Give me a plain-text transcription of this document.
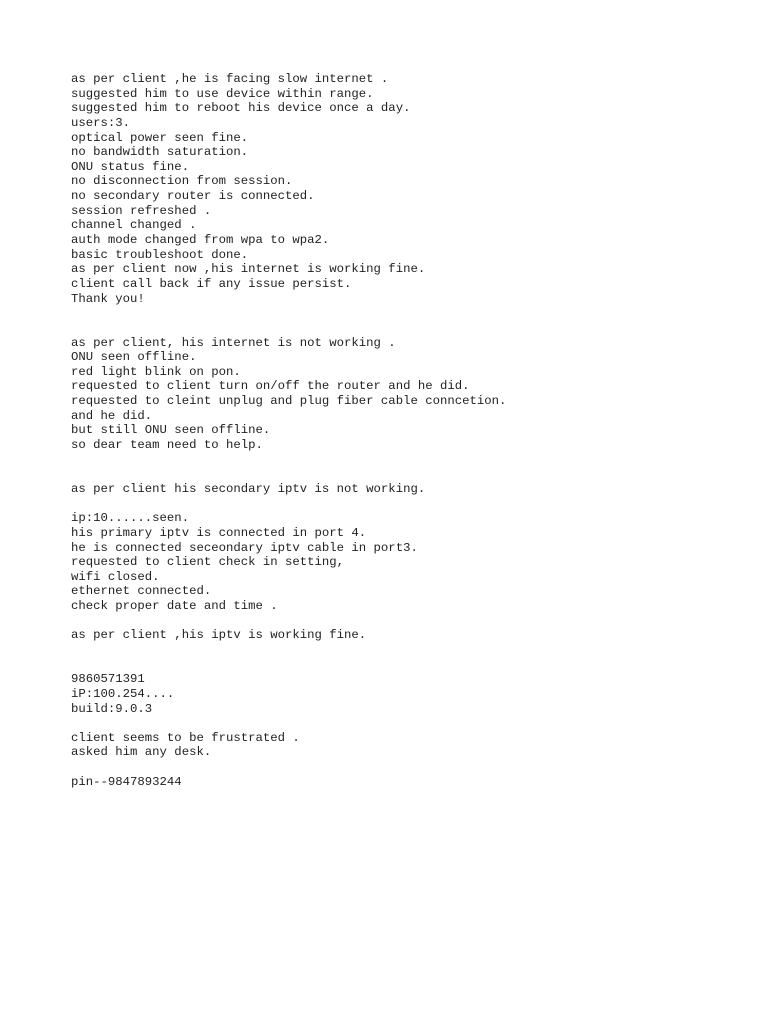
as per client ,he is facing slow internet .
suggested him to use device within range.
suggested him to reboot his device once a day.
users:3.
optical power seen fine.
no bandwidth saturation.
ONU status fine.
no disconnection from session.
no secondary router is connected.
session refreshed .
channel changed .
auth mode changed from wpa to wpa2.
basic troubleshoot done.
as per client now ,his internet is working fine.
client call back if any issue persist.
Thank you!
as per client, his internet is not working .
ONU seen offline.
red light blink on pon.
requested to client turn on/off the router and he did.
requested to cleint unplug and plug fiber cable conncetion.
and he did.
but still ONU seen offline.
so dear team need to help.
as per client his secondary iptv is not working.
ip:10......seen.
his primary iptv is connected in port 4.
he is connected seceondary iptv cable in port3.
requested to client check in setting,
wifi closed.
ethernet connected.
check proper date and time .
as per client ,his iptv is working fine.
9860571391
iP:100.254....
build:9.0.3
client seems to be frustrated .
asked him any desk.
pin--9847893244
